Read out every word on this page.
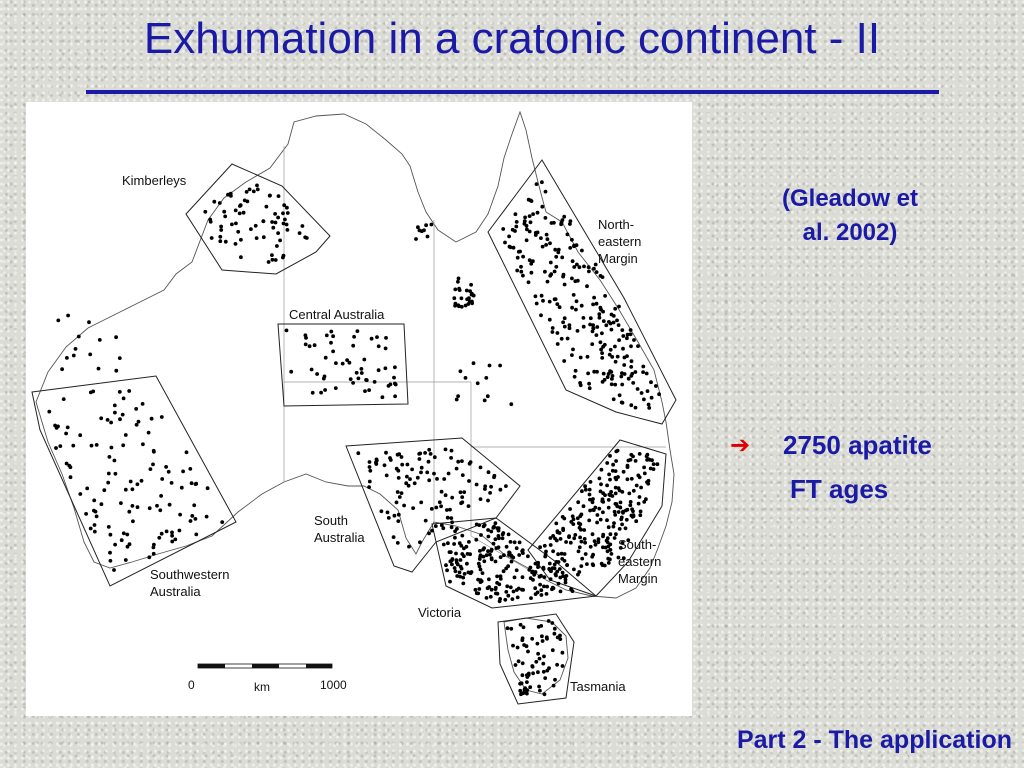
Exhumation in a cratonic continent - II
Kimberleys
Central Australia
North-
eastern
Margin
Southwestern
Australia
South
Australia
Victoria
South-
eastern
Margin
Tasmania
0	km	1000
(Gleadow et
al. 2002)
➔ 2750 apatite
FT ages
Part 2 - The application
